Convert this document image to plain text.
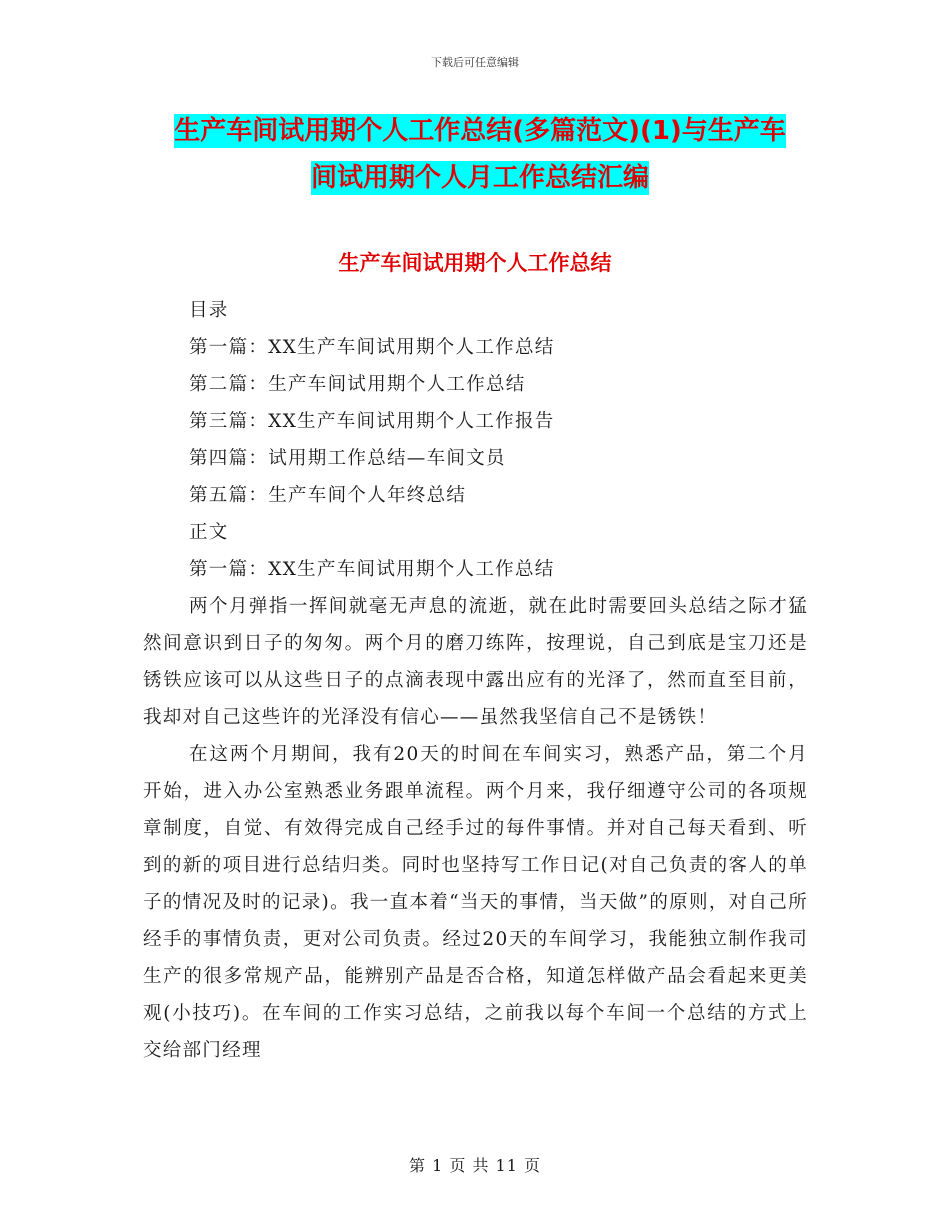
下载后可任意编辑
生产车间试用期个人工作总结(多篇范文)(1)与生产车
间试用期个人月工作总结汇编
生产车间试用期个人工作总结
目录
第一篇：XX生产车间试用期个人工作总结
第二篇：生产车间试用期个人工作总结
第三篇：XX生产车间试用期个人工作报告
第四篇：试用期工作总结—车间文员
第五篇：生产车间个人年终总结
正文
第一篇：XX生产车间试用期个人工作总结

两个月弹指一挥间就毫无声息的流逝，就在此时需要回头总结之际才猛然间意识到日子的匆匆。两个月的磨刀练阵，按理说，自己到底是宝刀还是锈铁应该可以从这些日子的点滴表现中露出应有的光泽了，然而直至目前，我却对自己这些许的光泽没有信心——虽然我坚信自己不是锈铁！

在这两个月期间，我有20天的时间在车间实习，熟悉产品，第二个月开始，进入办公室熟悉业务跟单流程。两个月来，我仔细遵守公司的各项规章制度，自觉、有效得完成自己经手过的每件事情。并对自己每天看到、听到的新的项目进行总结归类。同时也坚持写工作日记(对自己负责的客人的单子的情况及时的记录)。我一直本着“当天的事情，当天做”的原则，对自己所经手的事情负责，更对公司负责。经过20天的车间学习，我能独立制作我司生产的很多常规产品，能辨别产品是否合格，知道怎样做产品会看起来更美观(小技巧)。在车间的工作实习总结，之前我以每个车间一个总结的方式上交给部门经理

第 1 页 共 11 页
